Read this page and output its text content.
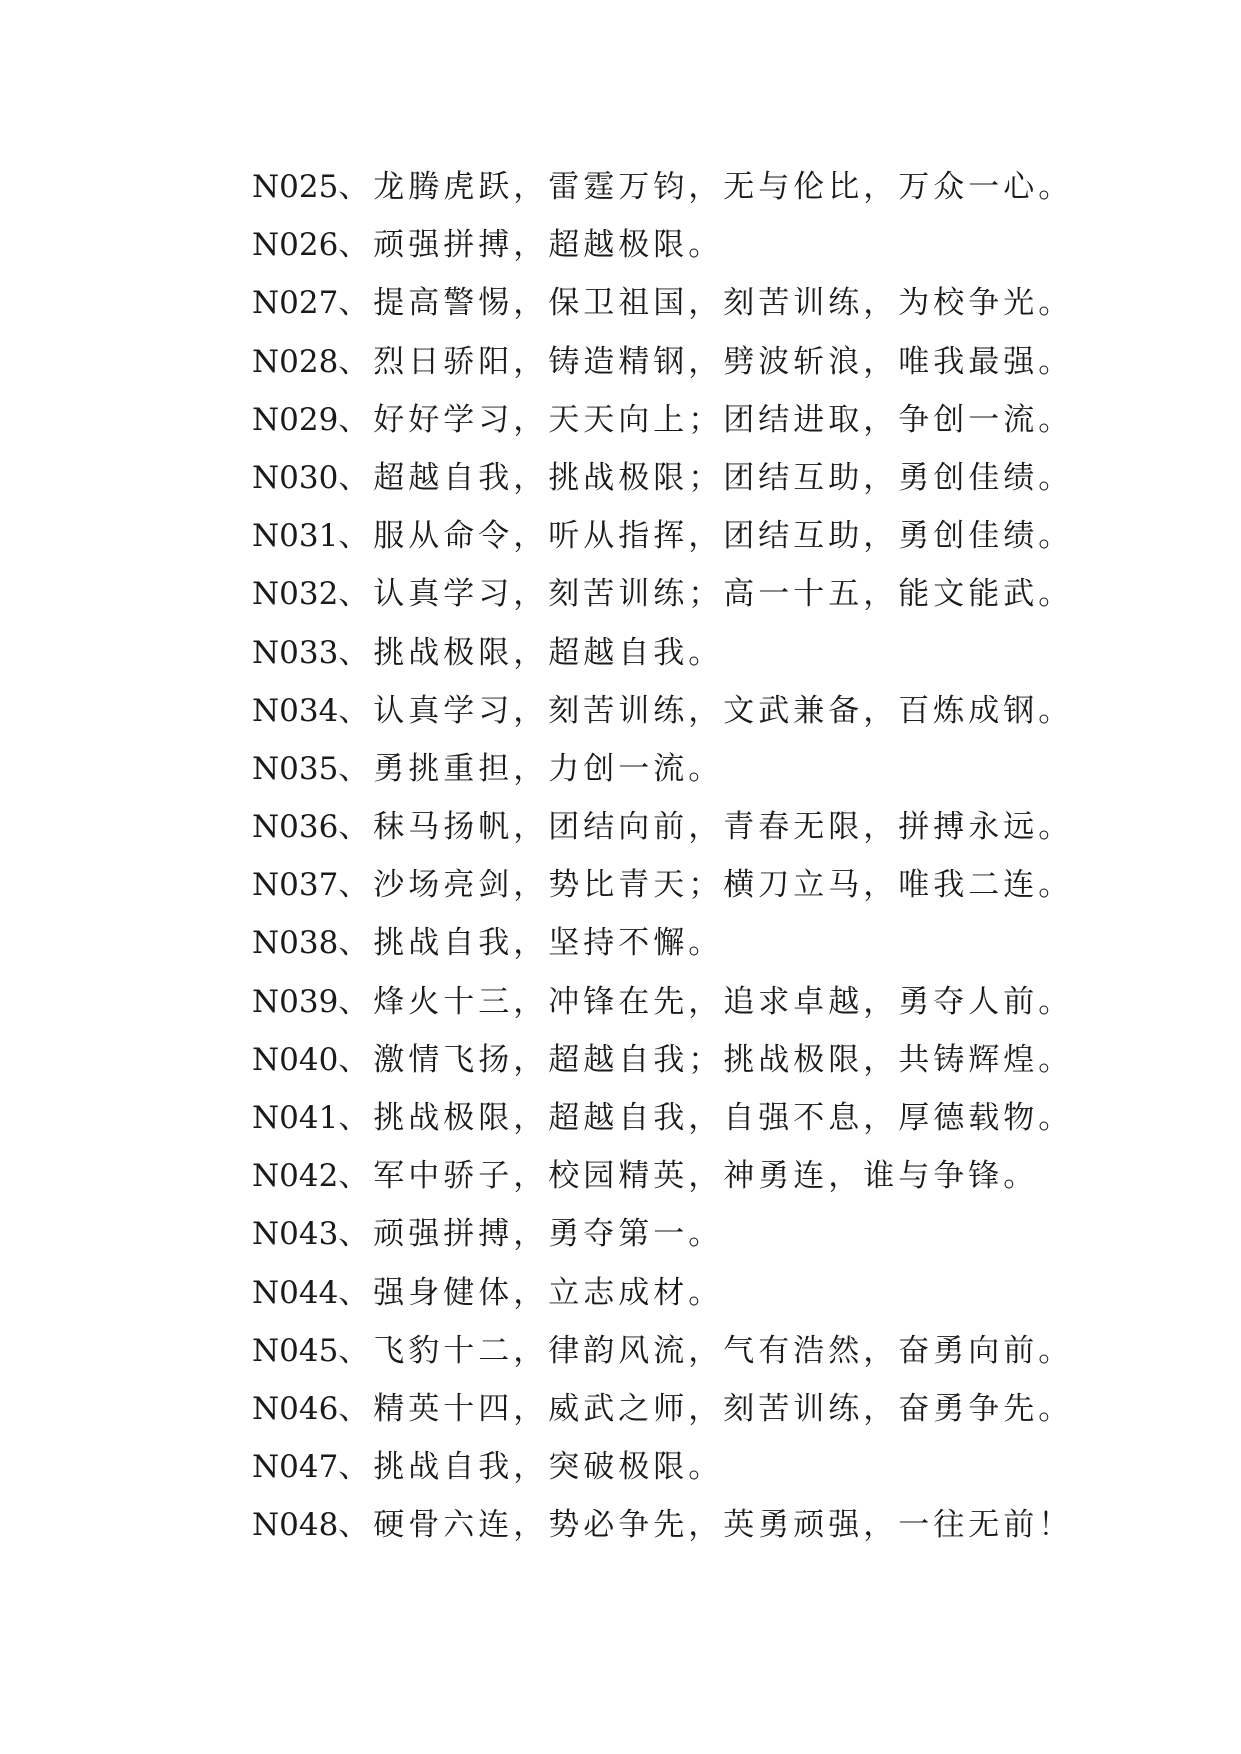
N025、龙腾虎跃，雷霆万钧，无与伦比，万众一心。
N026、顽强拼搏，超越极限。
N027、提高警惕，保卫祖国，刻苦训练，为校争光。
N028、烈日骄阳，铸造精钢，劈波斩浪，唯我最强。
N029、好好学习，天天向上；团结进取，争创一流。
N030、超越自我，挑战极限；团结互助，勇创佳绩。
N031、服从命令，听从指挥，团结互助，勇创佳绩。
N032、认真学习，刻苦训练；高一十五，能文能武。
N033、挑战极限，超越自我。
N034、认真学习，刻苦训练，文武兼备，百炼成钢。
N035、勇挑重担，力创一流。
N036、秣马扬帆，团结向前，青春无限，拼搏永远。
N037、沙场亮剑，势比青天；横刀立马，唯我二连。
N038、挑战自我，坚持不懈。
N039、烽火十三，冲锋在先，追求卓越，勇夺人前。
N040、激情飞扬，超越自我；挑战极限，共铸辉煌。
N041、挑战极限，超越自我，自强不息，厚德载物。
N042、军中骄子，校园精英，神勇连，谁与争锋。
N043、顽强拼搏，勇夺第一。
N044、强身健体，立志成材。
N045、飞豹十二，律韵风流，气有浩然，奋勇向前。
N046、精英十四，威武之师，刻苦训练，奋勇争先。
N047、挑战自我，突破极限。
N048、硬骨六连，势必争先，英勇顽强，一往无前！
